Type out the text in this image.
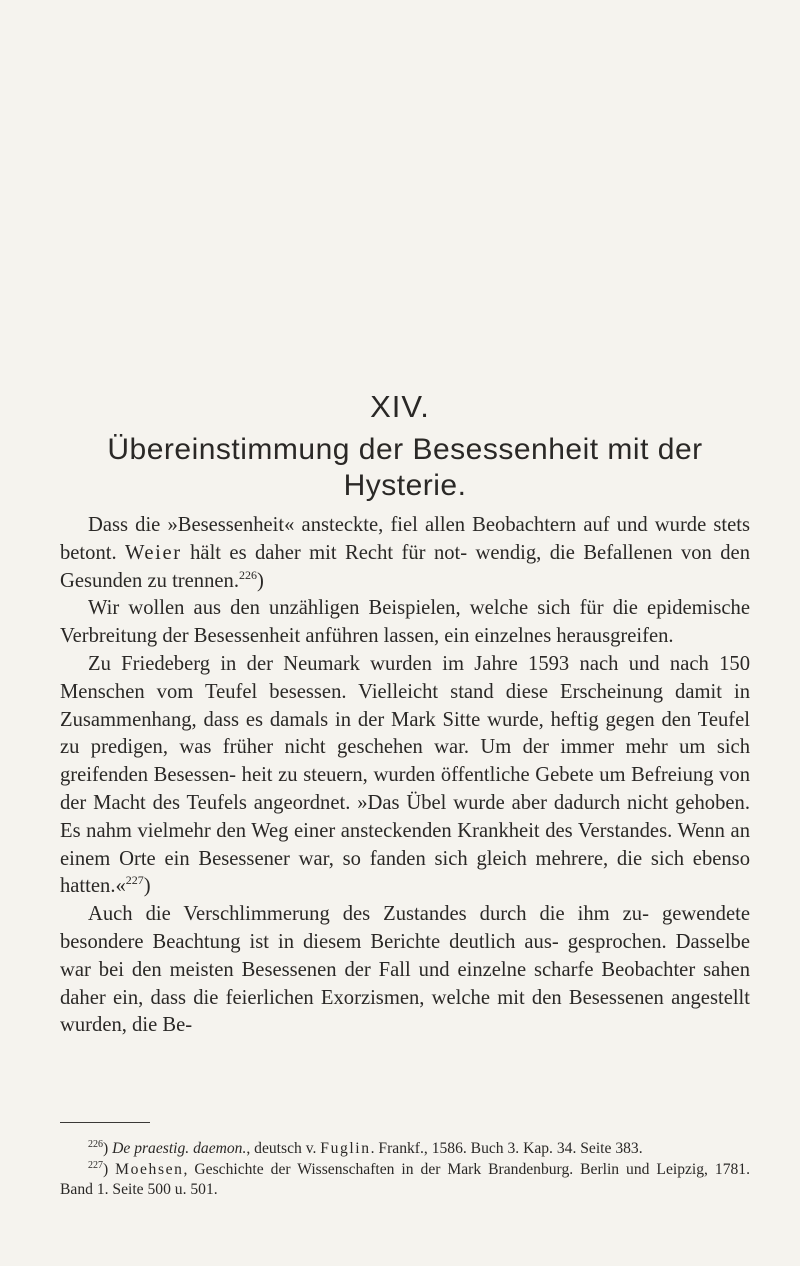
XIV.
Übereinstimmung der Besessenheit mit der Hysterie.

Dass die »Besessenheit« ansteckte, fiel allen Beobachtern auf und wurde stets betont. Weier hält es daher mit Recht für not- wendig, die Befallenen von den Gesunden zu trennen.$^{226}$)

Wir wollen aus den unzähligen Beispielen, welche sich für die epidemische Verbreitung der Besessenheit anführen lassen, ein einzelnes herausgreifen.

Zu Friedeberg in der Neumark wurden im Jahre 1593 nach und nach 150 Menschen vom Teufel besessen. Vielleicht stand diese Erscheinung damit in Zusammenhang, dass es damals in der Mark Sitte wurde, heftig gegen den Teufel zu predigen, was früher nicht geschehen war. Um der immer mehr um sich greifenden Besessen- heit zu steuern, wurden öffentliche Gebete um Befreiung von der Macht des Teufels angeordnet. »Das Übel wurde aber dadurch nicht gehoben. Es nahm vielmehr den Weg einer ansteckenden Krankheit des Verstandes. Wenn an einem Orte ein Besessener war, so fanden sich gleich mehrere, die sich ebenso hatten.«$^{227}$)

Auch die Verschlimmerung des Zustandes durch die ihm zu- gewendete besondere Beachtung ist in diesem Berichte deutlich aus- gesprochen. Dasselbe war bei den meisten Besessenen der Fall und einzelne scharfe Beobachter sahen daher ein, dass die feierlichen Exorzismen, welche mit den Besessenen angestellt wurden, die Be-

$^{226}$) De praestig. daemon., deutsch v. Fuglin. Frankf., 1586. Buch 3. Kap. 34. Seite 383.

$^{227}$) Moehsen, Geschichte der Wissenschaften in der Mark Brandenburg. Berlin und Leipzig, 1781. Band 1. Seite 500 u. 501.
